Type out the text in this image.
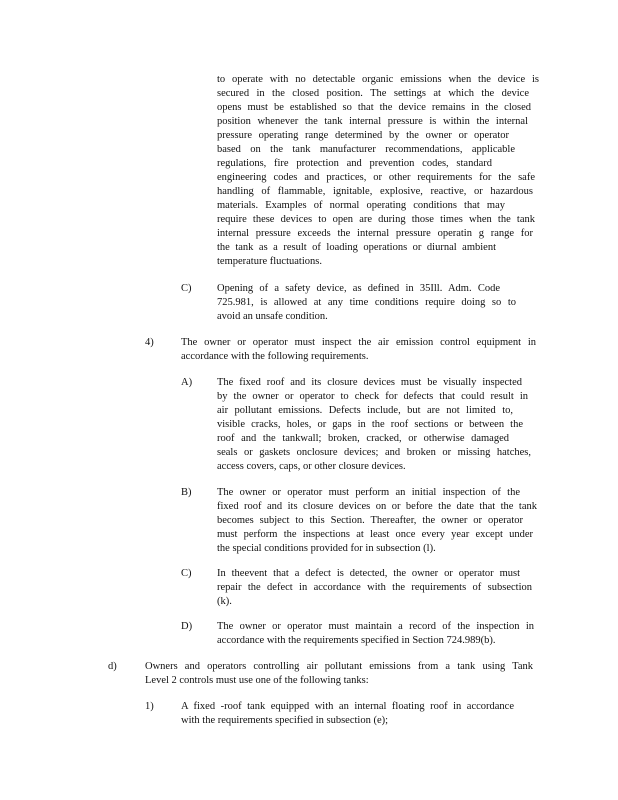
to operate with no detectable organic emissions when the device is
secured in the closed position. The settings at which the device
opens must be established so that the device remains in the closed
position whenever the tank internal pressure is within the internal
pressure operating range determined by the owner or operator
based on the tank manufacturer recommendations, applicable
regulations, fire protection and prevention codes, standard
engineering codes and practices, or other requirements for the safe
handling of flammable, ignitable, explosive, reactive, or hazardous
materials. Examples of normal operating conditions that may
require these devices to open are during those times when the tank
internal pressure exceeds the internal pressure operatin g range for
the tank as a result of loading operations or diurnal ambient
temperature fluctuations.
C) Opening of a safety device, as defined in 35Ill. Adm. Code
725.981, is allowed at any time conditions require doing so to
avoid an unsafe condition.
4)	The owner or operator must inspect the air emission control equipment in
accordance with the following requirements.
A) The fixed roof and its closure devices must be visually inspected
by the owner or operator to check for defects that could result in
air pollutant emissions. Defects include, but are not limited to,
visible cracks, holes, or gaps in the roof sections or between the
roof and the tankwall; broken, cracked, or otherwise damaged
seals or gaskets onclosure devices; and broken or missing hatches,
access covers, caps, or other closure devices.
B) The owner or operator must perform an initial inspection of the
fixed roof and its closure devices on or before the date that the tank
becomes subject to this Section. Thereafter, the owner or operator
must perform the inspections at least once every year except under
the special conditions provided for in subsection (l).
C) In theevent that a defect is detected, the owner or operator must
repair the defect in accordance with the requirements of subsection
(k).
D) The owner or operator must maintain a record of the inspection in
accordance with the requirements specified in Section 724.989(b).
d)	Owners and operators controlling air pollutant emissions from a tank using Tank
Level 2 controls must use one of the following tanks:
1)	A fixed -roof tank equipped with an internal floating roof in accordance
with the requirements specified in subsection (e);
